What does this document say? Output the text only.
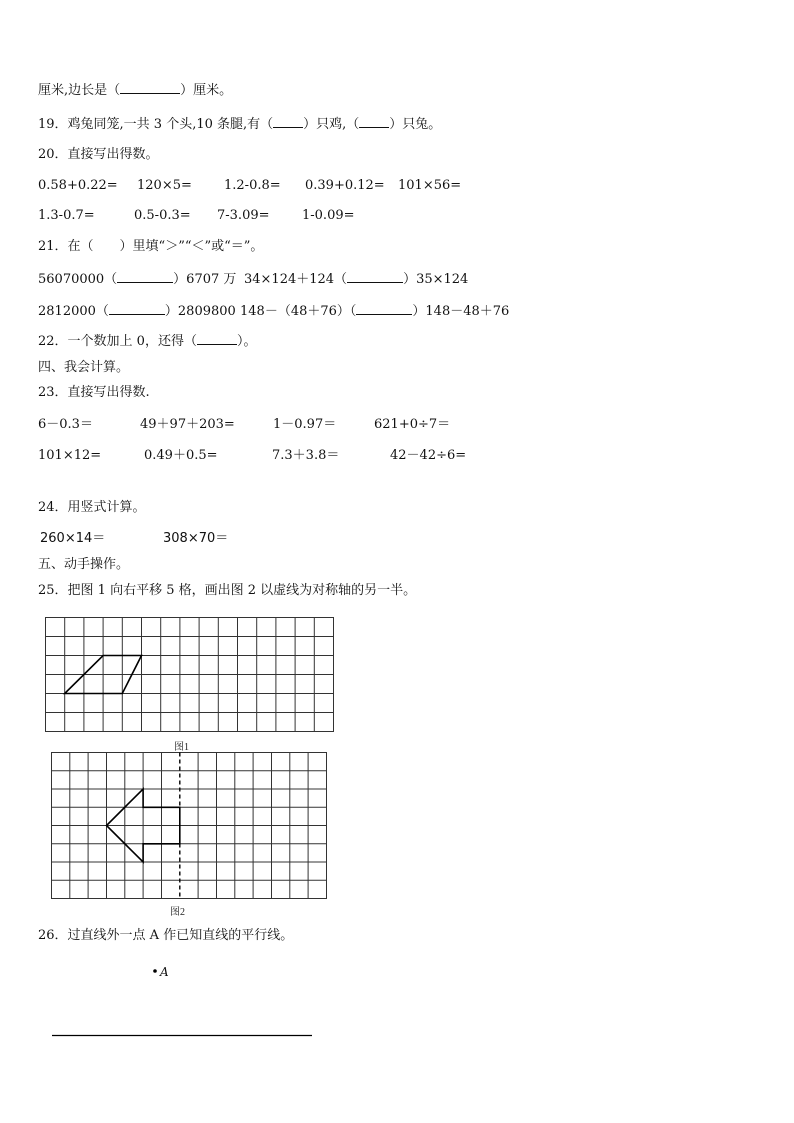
厘米,边长是（	）厘米。
19．鸡兔同笼,一共 3 个头,10 条腿,有（ ）只鸡,（ ）只兔。
20．直接写出得数。
0.58+0.22= 120×5= 1.2-0.8= 0.39+0.12= 101×56=
1.3-0.7=	0.5-0.3= 7-3.09= 1-0.09=
21．在（　　）里填“＞”“＜”或“＝”。
56070000（	）6707 万 34×124＋124（	）35×124
2812000（	）2809800 148－（48＋76）（	）148－48＋76
22．一个数加上 0，还得（	）。
四、我会计算。
23．直接写出得数.
6－0.3＝	49＋97＋203=	1－0.97＝	621+0÷7＝
101×12=	0.49＋0.5=	7.3＋3.8＝	42－42÷6=
24．用竖式计算。
260×14＝	308×70＝
五、动手操作。
25．把图 1 向右平移 5 格，画出图 2 以虚线为对称轴的另一半。
图1
图2
26．过直线外一点 A 作已知直线的平行线。
A
